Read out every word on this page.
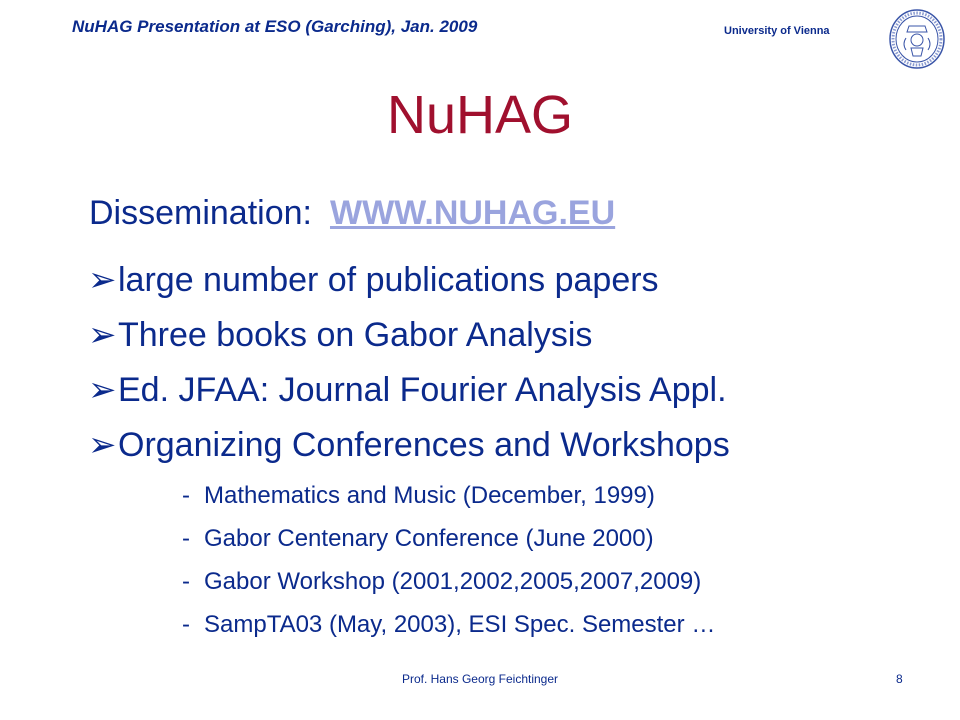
NuHAG Presentation at ESO (Garching), Jan. 2009	University of Vienna
NuHAG
Dissemination: WWW.NUHAG.EU
➢ large number of publications papers
➢ Three books on Gabor Analysis
➢ Ed. JFAA: Journal Fourier Analysis Appl.
➢ Organizing Conferences and Workshops
- Mathematics and Music (December, 1999)
- Gabor Centenary Conference (June 2000)
- Gabor Workshop (2001,2002,2005,2007,2009)
- SampTA03 (May, 2003), ESI Spec. Semester …
Prof. Hans Georg Feichtinger	8
